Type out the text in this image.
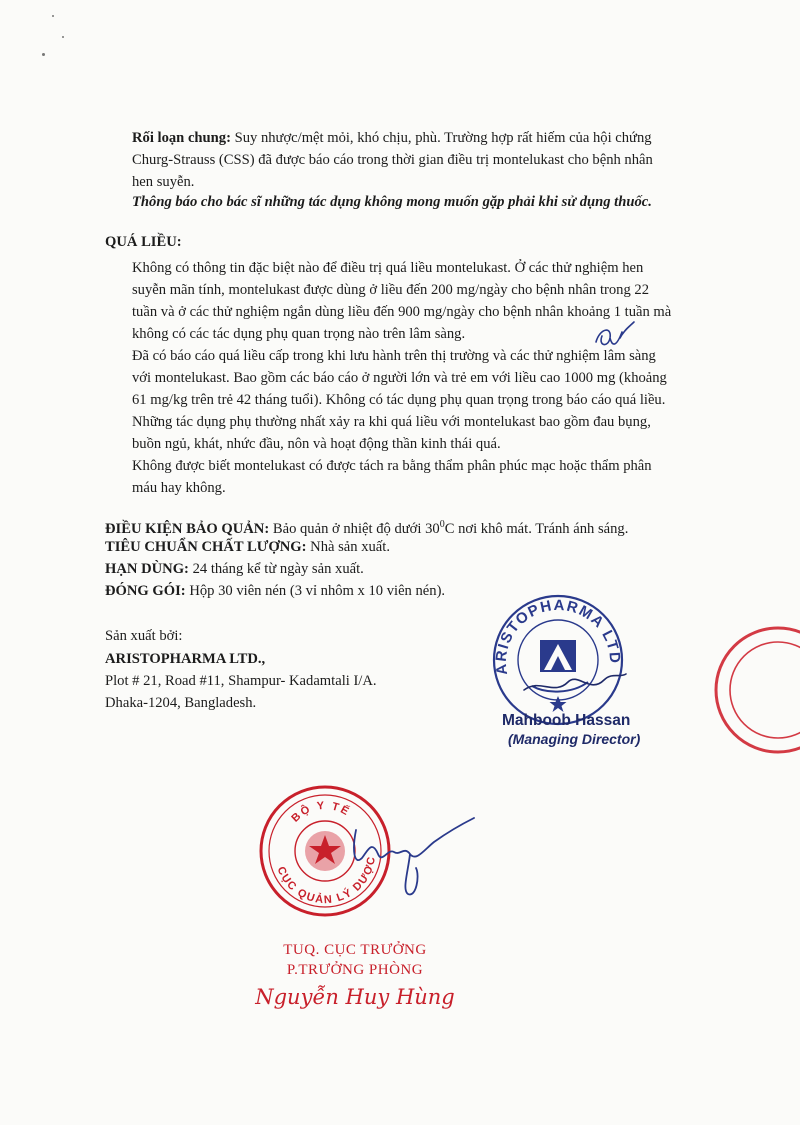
Rối loạn chung: Suy nhược/mệt mỏi, khó chịu, phù. Trường hợp rất hiếm của hội chứng

Churg-Strauss (CSS) đã được báo cáo trong thời gian điều trị montelukast cho bệnh nhân

hen suyễn.

Thông báo cho bác sĩ những tác dụng không mong muốn gặp phải khi sử dụng thuốc.

QUÁ LIỀU:

Không có thông tin đặc biệt nào để điều trị quá liều montelukast. Ở các thử nghiệm hen

suyễn mãn tính, montelukast được dùng ở liều đến 200 mg/ngày cho bệnh nhân trong 22

tuần và ở các thử nghiệm ngắn dùng liều đến 900 mg/ngày cho bệnh nhân khoảng 1 tuần mà

không có các tác dụng phụ quan trọng nào trên lâm sàng.

Đã có báo cáo quá liều cấp trong khi lưu hành trên thị trường và các thử nghiệm lâm sàng

với montelukast. Bao gồm các báo cáo ở người lớn và trẻ em với liều cao 1000 mg (khoảng

61 mg/kg trên trẻ 42 tháng tuổi). Không có tác dụng phụ quan trọng trong báo cáo quá liều.

Những tác dụng phụ thường nhất xảy ra khi quá liều với montelukast bao gồm đau bụng,

buồn ngủ, khát, nhức đầu, nôn và hoạt động thần kinh thái quá.

Không được biết montelukast có được tách ra bằng thẩm phân phúc mạc hoặc thẩm phân

máu hay không.

ĐIỀU KIỆN BẢO QUẢN: Bảo quản ở nhiệt độ dưới $30^0C$ nơi khô mát. Tránh ánh sáng.

TIÊU CHUẨN CHẤT LƯỢNG: Nhà sản xuất.

HẠN DÙNG: 24 tháng kể từ ngày sản xuất.

ĐÓNG GÓI: Hộp 30 viên nén (3 vỉ nhôm x 10 viên nén).

Sản xuất bởi:

ARISTOPHARMA LTD.,

Plot # 21, Road #11, Shampur- Kadamtali I/A.

Dhaka-1204, Bangladesh.

ARISTOPHARMA LTD
Mahboob Hassan
(Managing Director)
BỘ Y TẾ
CỤC QUẢN LÝ DƯỢC
TUQ. CỤC TRƯỞNG
P.TRƯỞNG PHÒNG
Nguyễn Huy Hùng
